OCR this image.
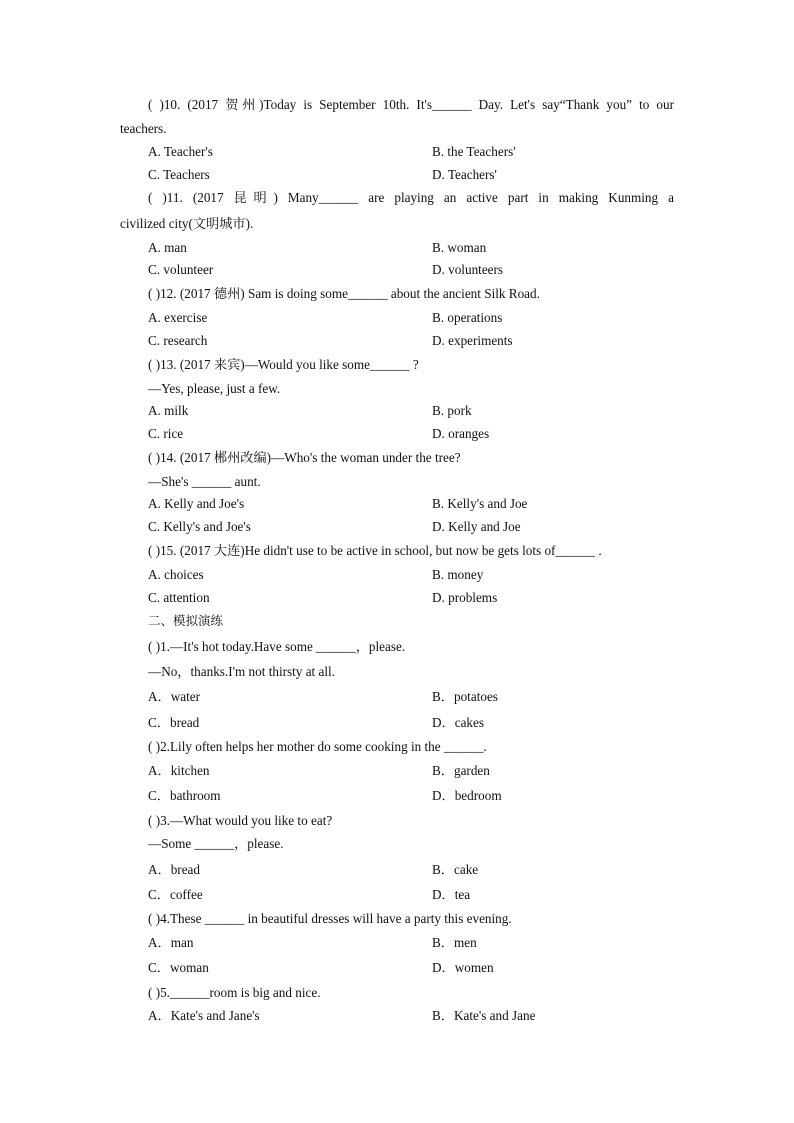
( )10. (2017 贺州)Today is September 10th. It's______ Day. Let's say“Thank you” to our
teachers.
A. Teacher's	B. the Teachers'
C. Teachers	D. Teachers'
( )11. (2017 昆明) Many______ are playing an active part in making Kunming a
civilized city(文明城市).
A. man	B. woman
C. volunteer	D. volunteers
( )12. (2017 德州) Sam is doing some______ about the ancient Silk Road.
A. exercise	B. operations
C. research	D. experiments
( )13. (2017 来宾)—Would you like some______ ?
—Yes, please, just a few.
A. milk	B. pork
C. rice	D. oranges
( )14. (2017 郴州改编)—Who's the woman under the tree?
—She's ______ aunt.
A. Kelly and Joe's	B. Kelly's and Joe
C. Kelly's and Joe's	D. Kelly and Joe
( )15. (2017 大连)He didn't use to be active in school, but now be gets lots of______ .
A. choices	B. money
C. attention	D. problems
二、模拟演练
( )1.—It's hot today.Have some ______，please.
—No，thanks.I'm not thirsty at all.
A．water	B．potatoes
C．bread	D．cakes
( )2.Lily often helps her mother do some cooking in the ______.
A．kitchen	B．garden
C．bathroom	D．bedroom
( )3.—What would you like to eat?
—Some ______，please.
A．bread	B．cake
C．coffee	D．tea
( )4.These ______ in beautiful dresses will have a party this evening.
A．man	B．men
C．woman	D．women
( )5.______room is big and nice.
A．Kate's and Jane's	B．Kate's and Jane
